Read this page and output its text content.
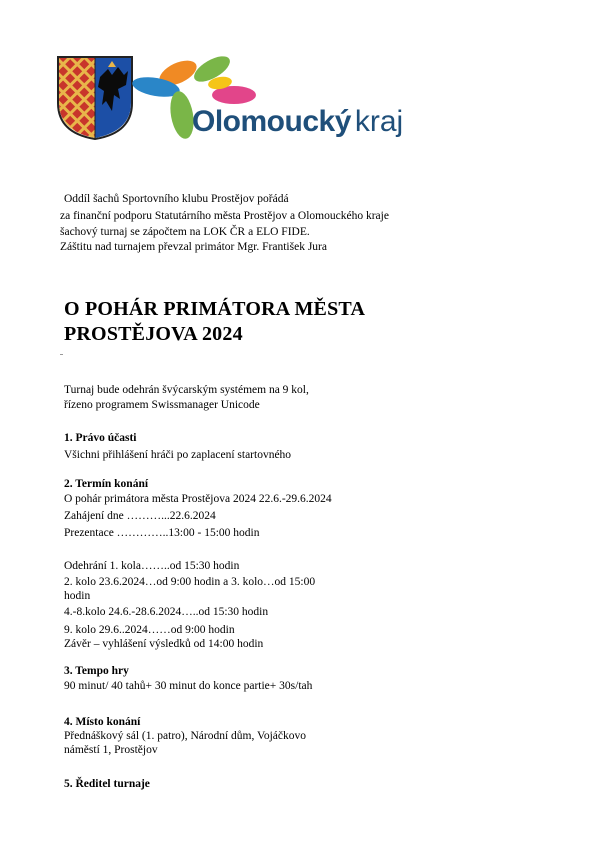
Olomoucký kraj
Oddíl šachů Sportovního klubu Prostějov pořádá
za finanční podporu Statutárního města Prostějov a Olomouckého kraje
šachový turnaj se zápočtem na LOK ČR a ELO FIDE.
Záštitu nad turnajem převzal primátor Mgr. František Jura
O POHÁR PRIMÁTORA MĚSTA
PROSTĚJOVA 2024
Turnaj bude odehrán švýcarským systémem na 9 kol,
řízeno programem Swissmanager Unicode
1. Právo účasti
Všichni přihlášení hráči po zaplacení startovného
2. Termín konání
O pohár primátora města Prostějova 2024 22.6.-29.6.2024
Zahájení dne ………...22.6.2024
Prezentace …………..13:00 - 15:00 hodin
Odehrání 1. kola……..od 15:30 hodin
2. kolo 23.6.2024…od 9:00 hodin a 3. kolo…od 15:00
hodin
4.-8.kolo 24.6.-28.6.2024…..od 15:30 hodin
9. kolo 29.6..2024……od 9:00 hodin
Závěr – vyhlášení výsledků od 14:00 hodin
3. Tempo hry
90 minut/ 40 tahů+ 30 minut do konce partie+ 30s/tah
4. Místo konání
Přednáškový sál (1. patro), Národní dům, Vojáčkovo
náměstí 1, Prostějov
5. Ředitel turnaje
